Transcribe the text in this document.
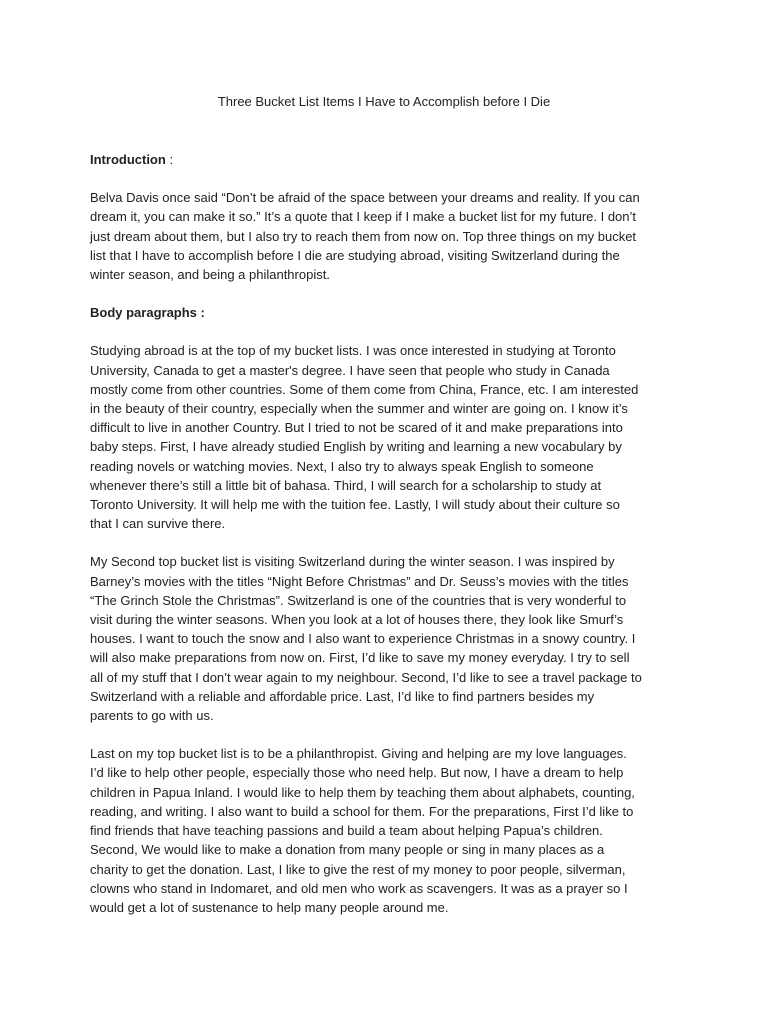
Three Bucket List Items I Have to Accomplish before I Die
Introduction :
Belva Davis once said “Don’t be afraid of the space between your dreams and reality. If you can
dream it, you can make it so.” It’s a quote that I keep if I make a bucket list for my future. I don’t
just dream about them, but I also try to reach them from now on. Top three things on my bucket
list that I have to accomplish before I die are studying abroad, visiting Switzerland during the
winter season, and being a philanthropist.
Body paragraphs :
Studying abroad is at the top of my bucket lists. I was once interested in studying at Toronto
University, Canada to get a master's degree. I have seen that people who study in Canada
mostly come from other countries. Some of them come from China, France, etc. I am interested
in the beauty of their country, especially when the summer and winter are going on. I know it’s
difficult to live in another Country. But I tried to not be scared of it and make preparations into
baby steps. First, I have already studied English by writing and learning a new vocabulary by
reading novels or watching movies. Next, I also try to always speak English to someone
whenever there’s still a little bit of bahasa. Third, I will search for a scholarship to study at
Toronto University. It will help me with the tuition fee. Lastly, I will study about their culture so
that I can survive there.
My Second top bucket list is visiting Switzerland during the winter season. I was inspired by
Barney’s movies with the titles “Night Before Christmas” and Dr. Seuss’s movies with the titles
“The Grinch Stole the Christmas”. Switzerland is one of the countries that is very wonderful to
visit during the winter seasons. When you look at a lot of houses there, they look like Smurf’s
houses. I want to touch the snow and I also want to experience Christmas in a snowy country. I
will also make preparations from now on. First, I’d like to save my money everyday. I try to sell
all of my stuff that I don’t wear again to my neighbour. Second, I’d like to see a travel package to
Switzerland with a reliable and affordable price. Last, I’d like to find partners besides my
parents to go with us.
Last on my top bucket list is to be a philanthropist. Giving and helping are my love languages.
I’d like to help other people, especially those who need help. But now, I have a dream to help
children in Papua Inland. I would like to help them by teaching them about alphabets, counting,
reading, and writing. I also want to build a school for them. For the preparations, First I’d like to
find friends that have teaching passions and build a team about helping Papua’s children.
Second, We would like to make a donation from many people or sing in many places as a
charity to get the donation. Last, I like to give the rest of my money to poor people, silverman,
clowns who stand in Indomaret, and old men who work as scavengers. It was as a prayer so I
would get a lot of sustenance to help many people around me.
